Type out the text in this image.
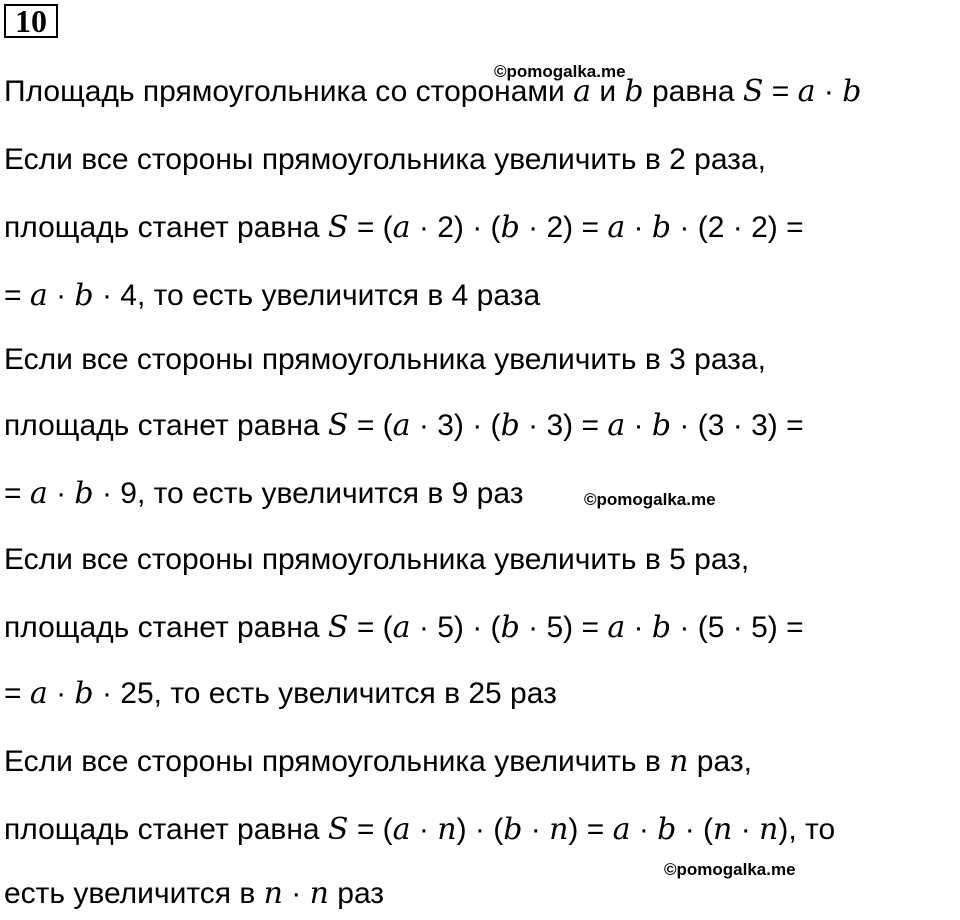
10
©pomogalka.me
©pomogalka.me
©pomogalka.me
Площадь прямоугольника со сторонами a и b равна S = a · b
Если все стороны прямоугольника увеличить в 2 раза,
площадь станет равна S = (a · 2) · (b · 2) = a · b · (2 · 2) =
= a · b · 4, то есть увеличится в 4 раза
Если все стороны прямоугольника увеличить в 3 раза,
площадь станет равна S = (a · 3) · (b · 3) = a · b · (3 · 3) =
= a · b · 9, то есть увеличится в 9 раз
Если все стороны прямоугольника увеличить в 5 раз,
площадь станет равна S = (a · 5) · (b · 5) = a · b · (5 · 5) =
= a · b · 25, то есть увеличится в 25 раз
Если все стороны прямоугольника увеличить в n раз,
площадь станет равна S = (a · n) · (b · n) = a · b · (n · n), то
есть увеличится в n · n раз
